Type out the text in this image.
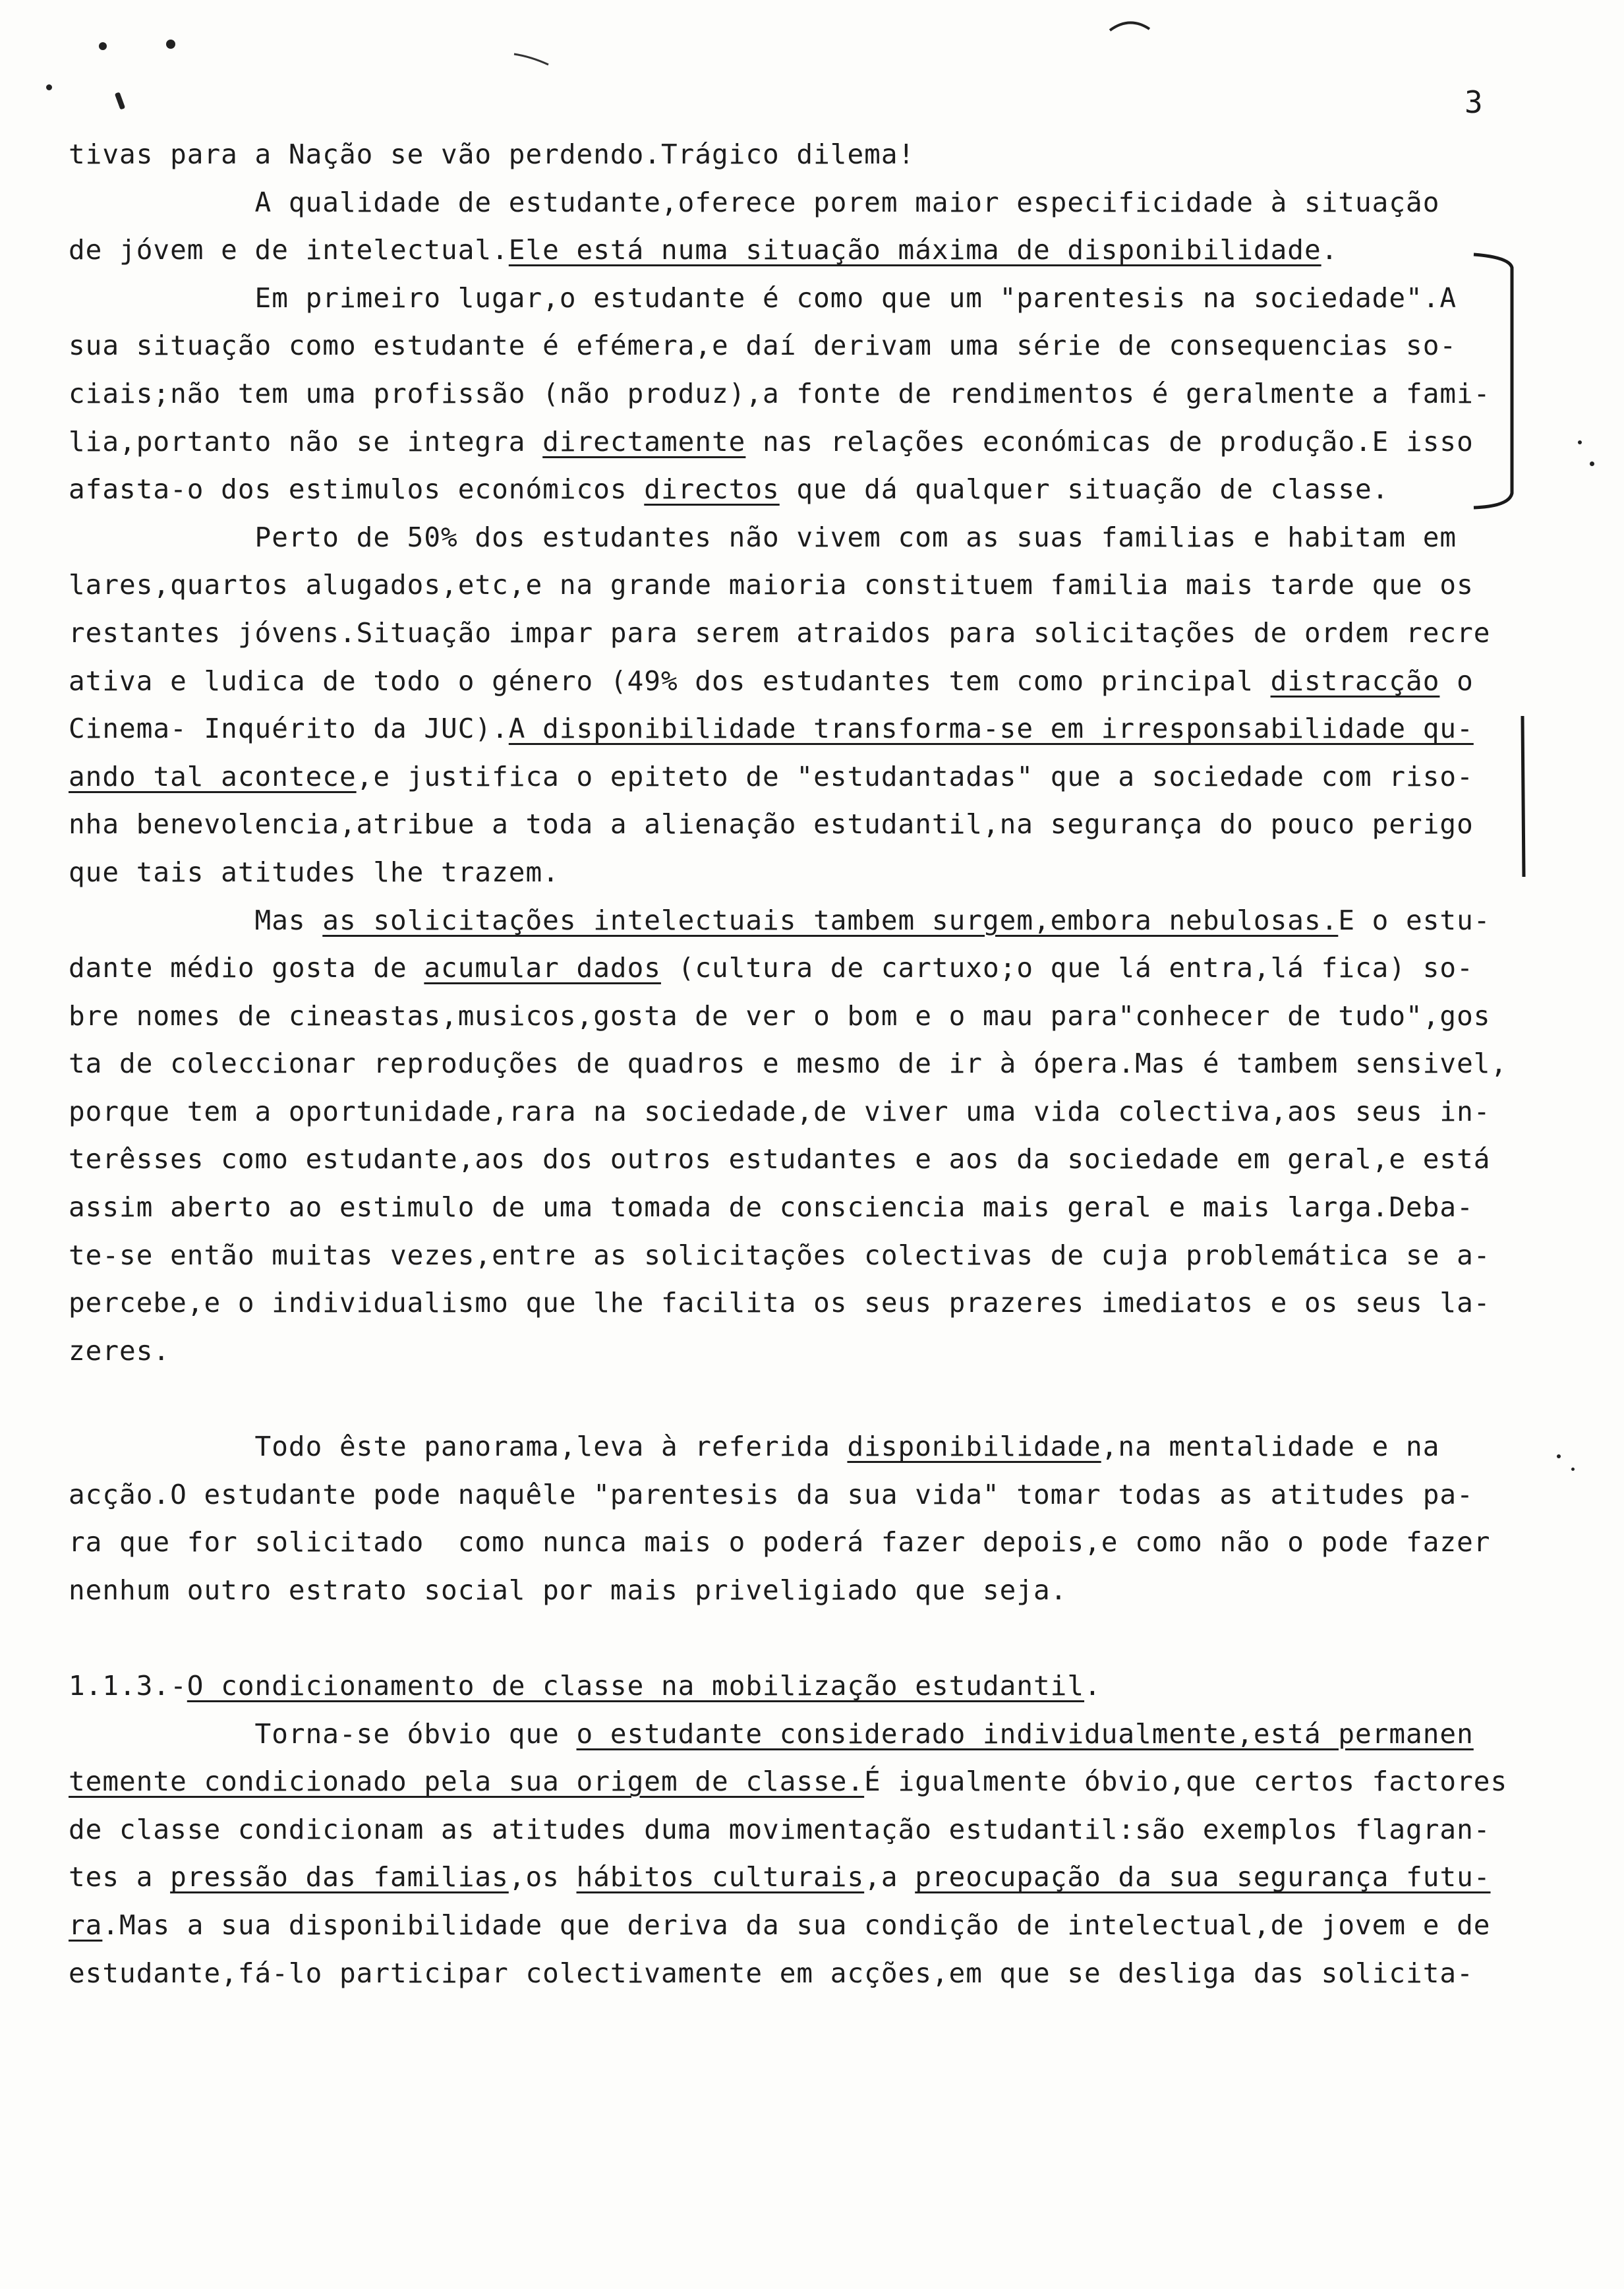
3
tivas para a Nação se vão perdendo.Trágico dilema!
A qualidade de estudante,oferece porem maior especificidade à situação
de jóvem e de intelectual.Ele está numa situação máxima de disponibilidade.
Em primeiro lugar,o estudante é como que um "parentesis na sociedade".A
sua situação como estudante é efémera,e daí derivam uma série de consequencias so-
ciais;não tem uma profissão (não produz),a fonte de rendimentos é geralmente a fami-
lia,portanto não se integra directamente nas relações económicas de produção.E isso
afasta-o dos estimulos económicos directos que dá qualquer situação de classe.
Perto de 50% dos estudantes não vivem com as suas familias e habitam em
lares,quartos alugados,etc,e na grande maioria constituem familia mais tarde que os
restantes jóvens.Situação impar para serem atraidos para solicitações de ordem recre
ativa e ludica de todo o género (49% dos estudantes tem como principal distracção o
Cinema- Inquérito da JUC).A disponibilidade transforma-se em irresponsabilidade qu-
ando tal acontece,e justifica o epiteto de "estudantadas" que a sociedade com riso-
nha benevolencia,atribue a toda a alienação estudantil,na segurança do pouco perigo
que tais atitudes lhe trazem.
Mas as solicitações intelectuais tambem surgem,embora nebulosas.E o estu-
dante médio gosta de acumular dados (cultura de cartuxo;o que lá entra,lá fica) so-
bre nomes de cineastas,musicos,gosta de ver o bom e o mau para"conhecer de tudo",gos
ta de coleccionar reproduções de quadros e mesmo de ir à ópera.Mas é tambem sensivel,
porque tem a oportunidade,rara na sociedade,de viver uma vida colectiva,aos seus in-
terêsses como estudante,aos dos outros estudantes e aos da sociedade em geral,e está
assim aberto ao estimulo de uma tomada de consciencia mais geral e mais larga.Deba-
te-se então muitas vezes,entre as solicitações colectivas de cuja problemática se a-
percebe,e o individualismo que lhe facilita os seus prazeres imediatos e os seus la-
zeres.
Todo êste panorama,leva à referida disponibilidade,na mentalidade e na
acção.O estudante pode naquêle "parentesis da sua vida" tomar todas as atitudes pa-
ra que for solicitado  como nunca mais o poderá fazer depois,e como não o pode fazer
nenhum outro estrato social por mais priveligiado que seja.
1.1.3.-O condicionamento de classe na mobilização estudantil.
Torna-se óbvio que o estudante considerado individualmente,está permanen
temente condicionado pela sua origem de classe.É igualmente óbvio,que certos factores
de classe condicionam as atitudes duma movimentação estudantil:são exemplos flagran-
tes a pressão das familias,os hábitos culturais,a preocupação da sua segurança futu-
ra.Mas a sua disponibilidade que deriva da sua condição de intelectual,de jovem e de
estudante,fá-lo participar colectivamente em acções,em que se desliga das solicita-
